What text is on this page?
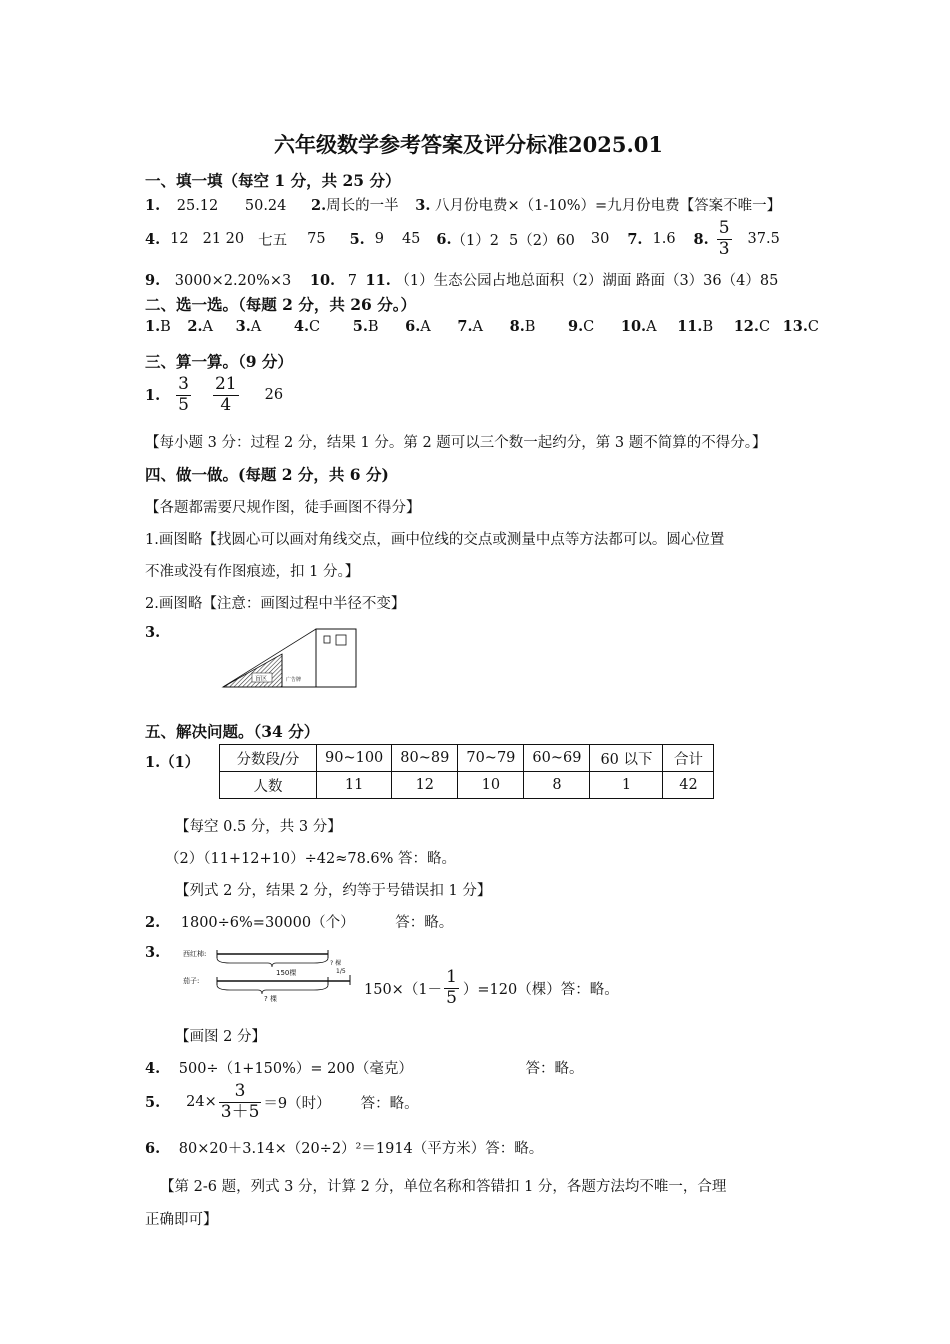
六年级数学参考答案及评分标准2025.01
一、填一填（每空 1 分，共 25 分）
1. 25.12 50.24 2.周长的一半 3. 八月份电费×（1-10%）=九月份电费【答案不唯一】
4. 12 21 20 七五 75 5. 9 45 6. （1）2 5（2）60 30 7. 1.6 8. $\frac{5}{3} 37.5$
9. 3000×2.20%×3 10. 7 11. （1）生态公园占地总面积（2）湖面 路面（3）36（4）85
二、选一选。（每题 2 分，共 26 分。）
1.B 2.A 3.A 4.C 5.B 6.A 7.A 8.B 9.C 10.A 11.B 12.C 13.C
三、算一算。（9 分）
1. $\frac{3}{5} \frac{21}{4} 26$
【每小题 3 分：过程 2 分，结果 1 分。第 2 题可以三个数一起约分，第 3 题不简算的不得分。】
四、做一做。(每题 2 分，共 6 分)
【各题都需要尺规作图，徒手画图不得分】
1.画图略【找圆心可以画对角线交点，画中位线的交点或测量中点等方法都可以。圆心位置
不准或没有作图痕迹，扣 1 分。】
2.画图略【注意：画图过程中半径不变】
3.
盲区	广告牌
五、解决问题。（34 分）
1.（1）	分数段/分	90~100	80~89	70~79	60~69	60 以下	合计
人数	11	12	10	8	1	42
【每空 0.5 分，共 3 分】
（2）（11+12+10）÷42≈78.6% 答：略。
【列式 2 分，结果 2 分，约等于号错误扣 1 分】
2. 1800÷6%=30000（个）	答：略。
3.	西红柿:
150棵
? 棵
1/5
茄子:
? 棵
$150\times(1- \frac{1}{5} )=120$（棵）答：略。
【画图 2 分】
4. 500÷（1+150%）= 200（毫克）	答：略。
5. $24\times \frac{3}{3+5} =9$（时） 答：略。
6. 80×20＋3.14×（20÷2）²＝1914（平方米）答：略。
【第 2-6 题，列式 3 分，计算 2 分，单位名称和答错扣 1 分，各题方法均不唯一，合理
正确即可】
